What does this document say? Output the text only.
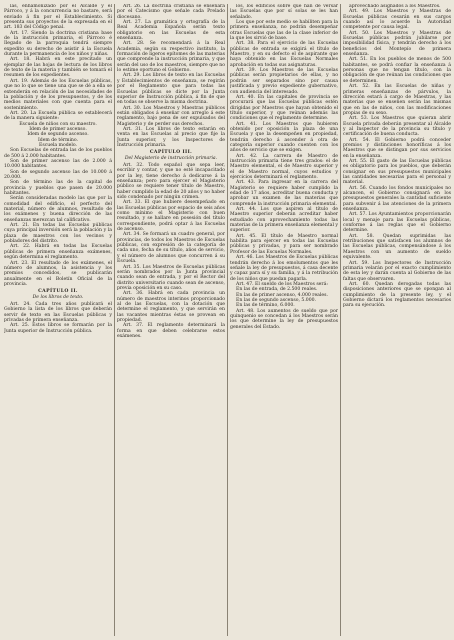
las, enhamonizado por el Alcalde y el Párroco, y á la concurrencia no bastare, será enviado á fin por el Establecimiento. Si presenta sus proyectos de la expresada en el art. 183 del Código penal.

Art. 17. Siendo la doctrina cristiana base de la instrucción primaria, el Párroco é Ilegado de la parroquia tendrá siempre expedito su derecho de asistir á la Escuela durante la permanencia de los niños y niñas.

Art. 18. Habrá en este precitado un ejemplar de las hojas de lectura de los libros de texto de la materia y también se tomará el resumen de los expedientes.

Art. 19. Además de los Escuelas públicas, que no lo que se tiene una que se dé a ella se extenderán en relación de las necesidades de la población y de los presupuestos, y de los medios materiales con que cuenta para el sostenimiento.

Art. 20. La Escuela pública se establecerá de la manera siguiente:

Escuela de niños con su maestro.

Idem de primer ascenso.

Idem de segundo ascenso.

Idem de término.

Escuela modelo.

Son Escuelas de entrada las de los pueblos de 500 á 2.000 habitantes.

Son de primer ascenso las de 2.000 á 10.000 habitantes.

Son de segundo ascenso las de 10.000 á 20.000.

Son de término las de la capital de provincia y pueblos que pasen de 20.000 habitantes.

Serán consideradas modelo las que por la comodidad del edificio, el perfecto del material, número de alumnos, resultado de los exámenes y buena dirección de las enseñanzas merezcan tal calificativo.

Art. 21. En todas las Escuelas públicas cuya principal inversión será la población y la plaza de maestros con los vecinos y pobladores del distrito.

Art. 22. Habrá en todas las Escuelas públicas de primera enseñanza exámenes, según determina el reglamento.

Art. 23. El resultado de los exámenes, el número de alumnos, la asistencia y los premios concedidos, se publicarán anualmente en el Boletín Oficial de la provincia.

CAPÍTULO II.

De los libros de texto.

Art. 24. Cada tres años publicará el Gobierno la lista de los libros que deberán servir de texto en las Escuelas públicas y privadas de primera enseñanza.

Art. 25. Estos libros se formarán por la Junta superior de Instrucción pública.

Art. 26. La doctrina cristiana se enseñará por el Catecismo que señale cada Prelado diocesano.

Art. 27. La gramática y ortografía de la Real Academia Española serán texto obligatorio en las Escuelas de esta enseñanza.

Art. 28. Se recomendará á la Real Academia, según su respectivo instituto, la formación de ligeros epítomes de las materias que comprende la instrucción primaria, y que serán del uso de los maestros, siempre que no lo estime oportuno el Gobierno.

Art. 29. Los libros de texto en las Escuelas y Establecimientos de enseñanza, se regirán por el Reglamento que para todas las Escuelas públicas se dicte por la Junta superior de Instrucción pública, á fin de que en todas se observe la misma doctrina.

Art. 30. Los Maestros y Maestras públicos están obligados á enseñar con arreglo á este reglamento, bajo pena de ser expulsados del Magisterio y de perder sus derechos.

Art. 31. Los libros de texto estarán en venta en las Escuelas al precio que fije la Junta superior, y los Inspectores de Instrucción primaria.

CAPÍTULO III.

Del Magisterio de instrucción primaria.

Art. 32. Todo español que sepa leer, escribir y contar, y que no esté incapacitado por la ley, tiene derecho á dedicarse á la enseñanza; pero para ejercer el Magisterio público se requiere tener título de Maestro, haber cumplido la edad de 20 años y no haber sido condenado por ningún crimen.

Art. 33. El que hubiere desempeñado en las Escuelas públicas por espacio de seis años como mínimo el Magisterio con buen resultado, y se hallare en posesión del título correspondiente, podrá optar á las Escuelas de ascenso.

Art. 34. Se formará un cuadro general, por provincias, de todos los Maestros de Escuelas públicas, con expresión de la categoría de cada uno, fecha de su título, años de servicio, y el número de alumnos que concurren á su Escuela.

Art. 35. Los Maestros de Escuelas públicas serán nombrados por la Junta provincial cuando sean de entrada, y por el Rector del distrito universitario cuando sean de ascenso, previa oposición en su caso.

Art. 36. Habrá en cada provincia un número de maestros interinos proporcionado al de las Escuelas, con la dotación que determine el reglamento, y que servirán en las vacantes mientras éstas se provean en propiedad.

Art. 37. El reglamento determinará la forma en que deben celebrarse estos exámenes.

los, los edificios sobre que han de versar las Escuelas que por sí solas se les han señalado.

Los que por este medio se habiliten para la primera enseñanza, no podrán desempeñar otras Escuelas que las de la clase inferior de la que les sirvió de base.

Art. 38. Para el ejercicio de las Escuelas públicas de entrada se exigirá el título de Maestro, y en su defecto el de aspirante que haya obtenido en las Escuelas Normales aprobación en todas sus asignaturas.

Art. 39. Los Maestros de las Escuelas públicas serán propietarios de ellas, y no podrán ser separados sino por causa justificada y previo expediente gubernativo, con audiencia del interesado.

Art. 40. En las capitales de provincia se procurará que las Escuelas públicas estén dirigidas por Maestros que hayan obtenido el título superior, y que reúnan además las condiciones que el reglamento determine.

Art. 41. Los Maestros que hubieren obtenido por oposición la plaza de una Escuela y que la desempeñen en propiedad, tendrán derecho á ascender á otra de categoría superior cuando cuenten con los años de servicio que se exigen.

Art. 42. La carrera de Maestro de instrucción primaria tiene tres grados: el de Maestro elemental, el de Maestro superior y el de Maestro normal, cuyos estudios y ejercicios determinará el reglamento.

Art. 43. Para ingresar en la carrera del Magisterio se requiere haber cumplido la edad de 17 años, acreditar buena conducta y aprobar un examen de las materias que comprende la instrucción primaria elemental.

Art. 44. Los que aspiren al título de Maestro superior deberán acreditar haber estudiado con aprovechamiento todas las materias de la primera enseñanza elemental y superior.

Art. 45. El título de Maestro normal habilita para ejercer en todas las Escuelas públicas y privadas, y para ser nombrado Profesor de las Escuelas Normales.

Art. 46. Los Maestros de Escuelas públicas tendrán derecho á los emolumentos que les señale la ley de presupuestos, á casa decente y capaz para sí y su familia, y á la retribución de los niños que puedan pagarla.

Art. 47. El sueldo de los Maestros será:

En las de entrada, de 2.500 reales.

En las de primer ascenso, 4.000 reales.

En las de segundo ascenso, 5.000.

En las de término, 6.000.

Art. 48. Los aumentos de sueldo que por quinquenio se concedan á los Maestros serán los que determine la ley de presupuestos generales del Estado.

aprovechado asignados á los Maestros.

Art. 49. Los Maestros y Maestras de Escuelas públicas cesarán en sus cargos cuando así lo acuerde la Autoridad competente por causa legal.

Art. 50. Los Maestros y Maestras de Escuelas públicas podrán jubilarse por imposibilidad física, y tendrán derecho á los beneficios del Montepío de primera enseñanza.

Art. 51. En los pueblos de menos de 500 habitantes, se podrá confiar la enseñanza á personas que no tengan título, con la obligación de que reúnan las condiciones que se determinen.

Art. 52. En las Escuelas de niñas y primeras enseñanzas de párvulos, la dirección estará á cargo de Maestras, y las materias que se enseñen serán las mismas que en las de niños, con las modificaciones propias de su sexo.

Art. 53. Los Maestros que quieran abrir Escuela privada deberán presentar al Alcalde y al Inspector de la provincia su título y certificación de buena conducta.

Art. 54. El Gobierno podrá conceder premios y distinciones honoríficas á los Maestros que se distingan por sus servicios en la enseñanza.

Art. 55. El gasto de las Escuelas públicas es obligatorio para los pueblos, que deberán consignar en sus presupuestos municipales las cantidades necesarias para el personal y material.

Art. 56. Cuando los fondos municipales no alcancen, el Gobierno consignará en los presupuestos generales la cantidad suficiente para subvenir á las atenciones de la primera enseñanza.

Art. 57. Los Ayuntamientos proporcionarán local y menaje para las Escuelas públicas, conforme á las reglas que el Gobierno determine.

Art. 58. Quedan suprimidas las retribuciones que satisfacen los alumnos de las Escuelas públicas, compensándose á los Maestros con un aumento de sueldo equivalente.

Art. 59. Los Inspectores de Instrucción primaria velarán por el exacto cumplimiento de esta ley y darán cuenta al Gobierno de las faltas que observaren.

Art. 60. Quedan derogadas todas las disposiciones anteriores que se opongan al cumplimiento de la presente ley, y el Gobierno dictará los reglamentos necesarios para su ejecución.
